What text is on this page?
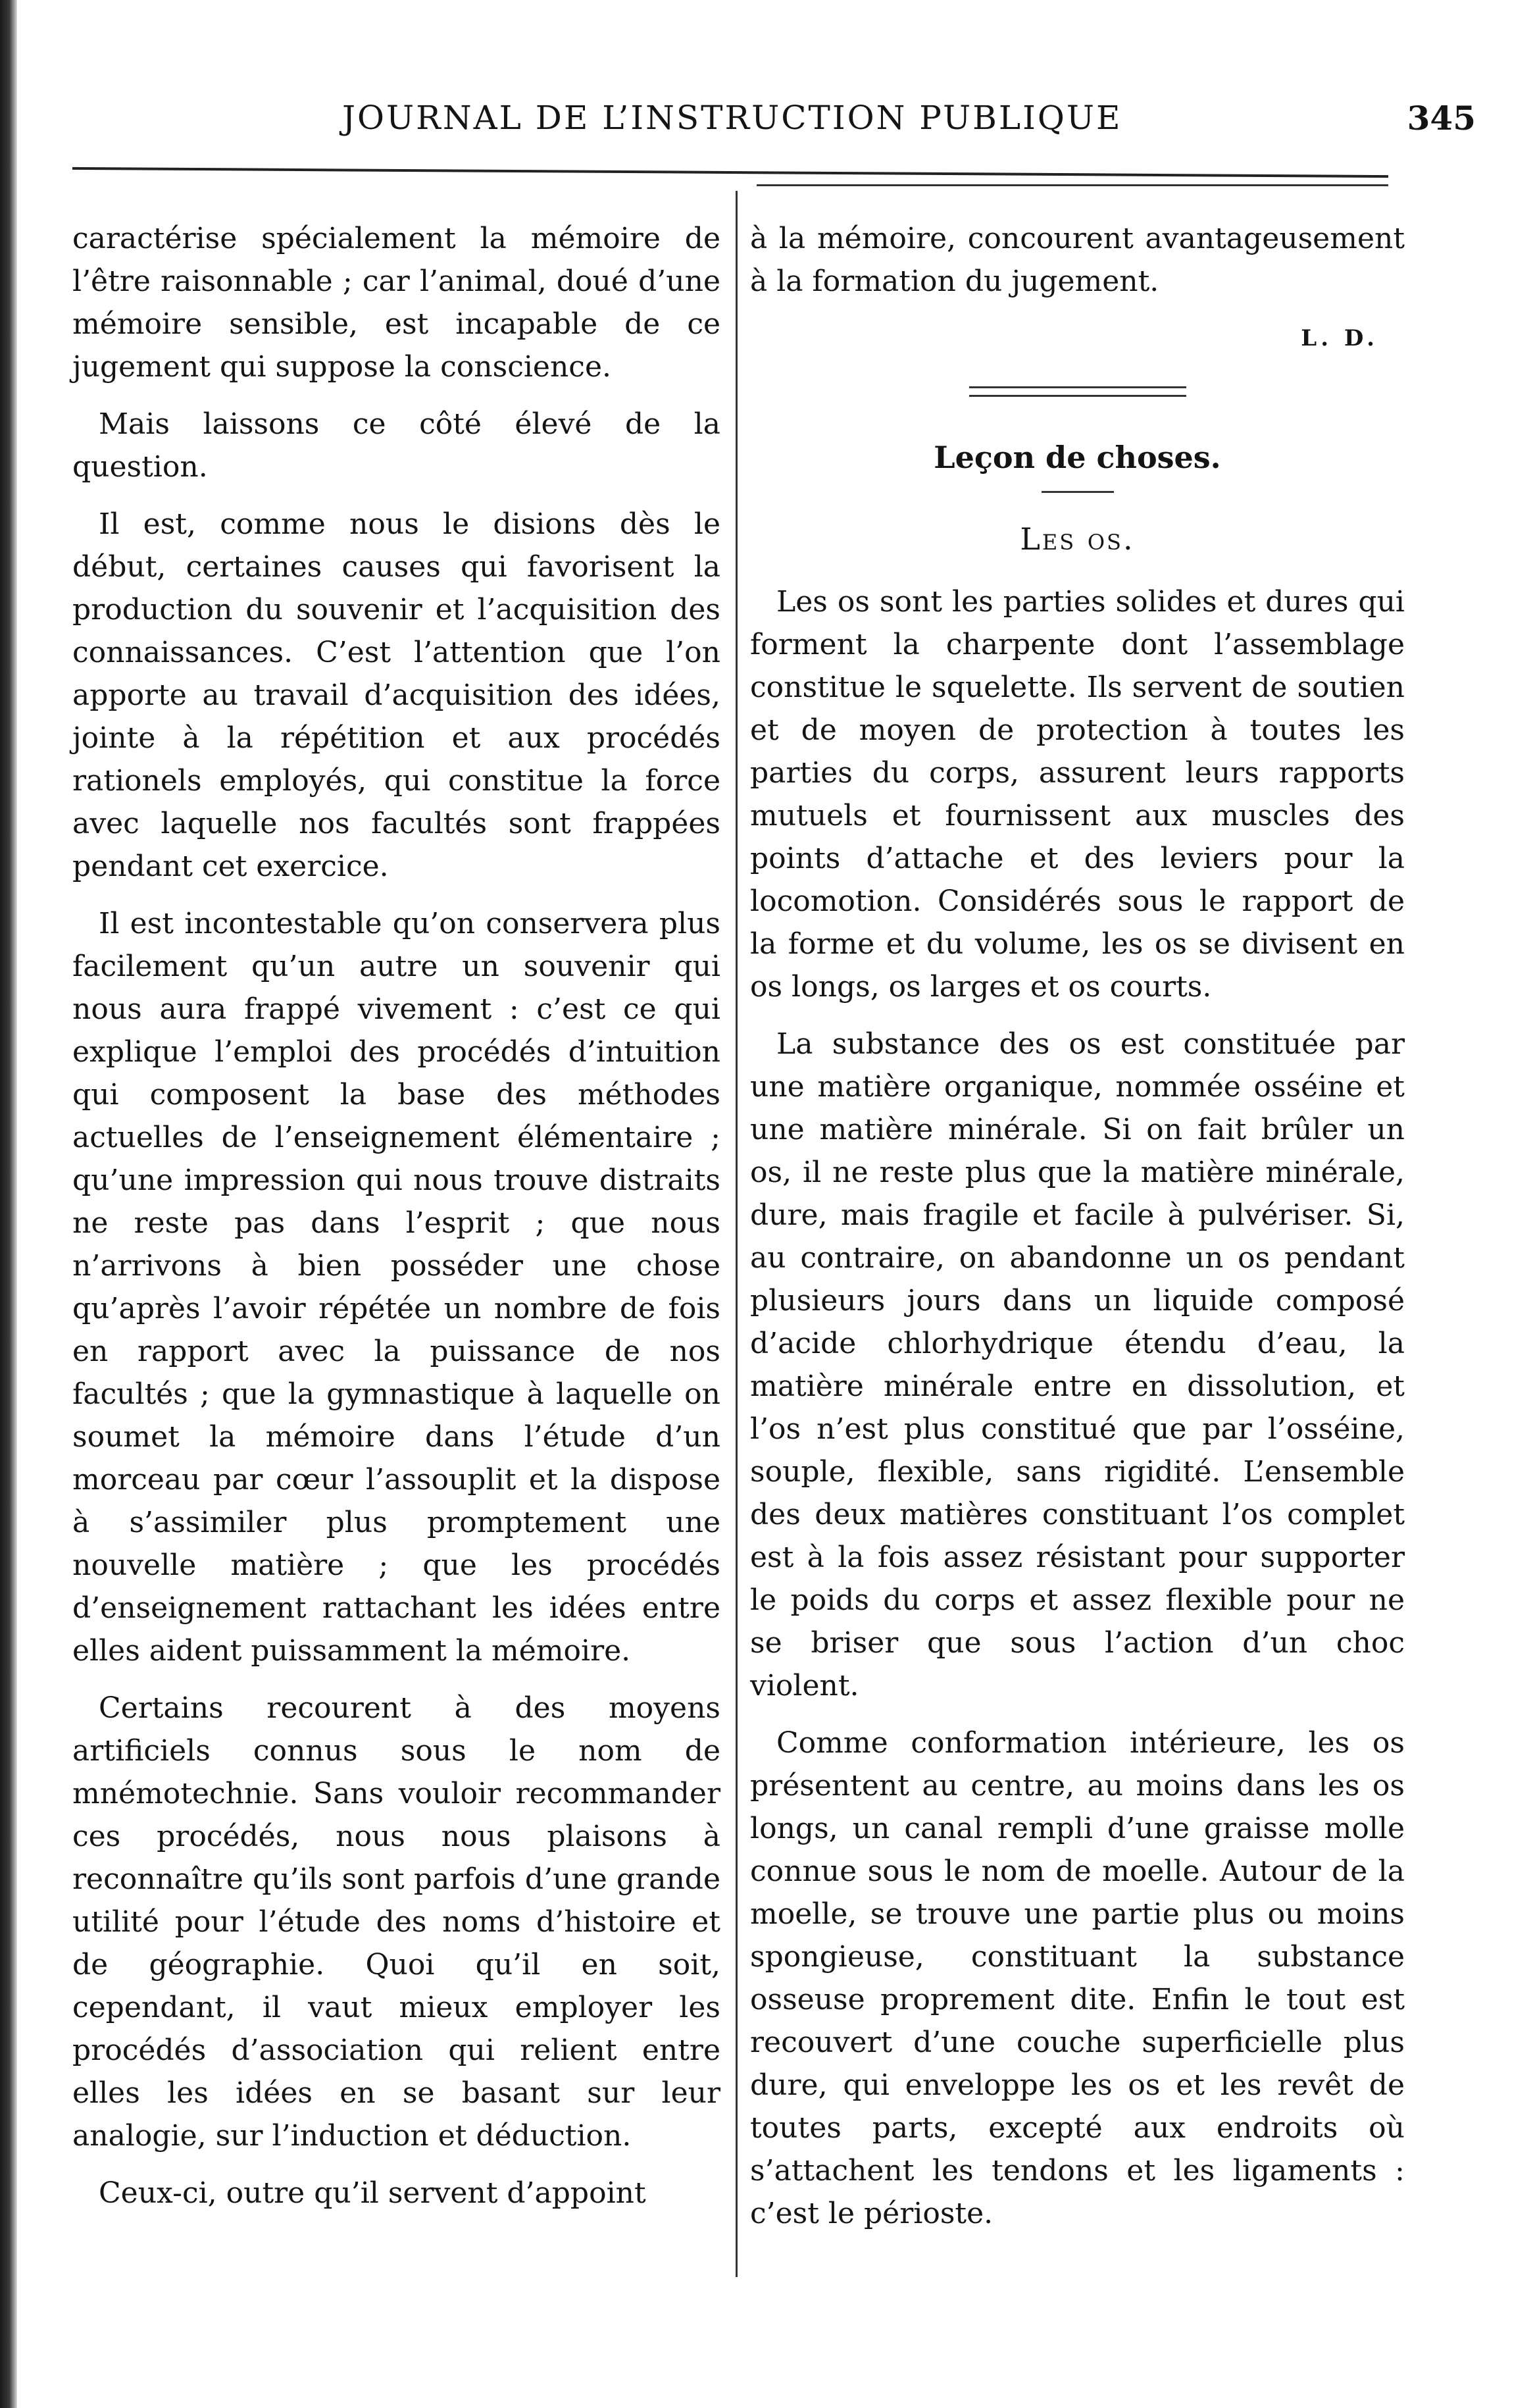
JOURNAL DE L’INSTRUCTION PUBLIQUE	345

caractérise spécialement la mémoire de l’être raisonnable ; car l’animal, doué d’une mémoire sensible, est incapable de ce jugement qui suppose la conscience.

Mais laissons ce côté élevé de la question.

Il est, comme nous le disions dès le début, certaines causes qui favorisent la production du souvenir et l’acquisition des connaissances. C’est l’attention que l’on apporte au travail d’acquisition des idées, jointe à la répétition et aux procédés rationels employés, qui constitue la force avec laquelle nos facultés sont frappées pendant cet exercice.

Il est incontestable qu’on conservera plus facilement qu’un autre un souvenir qui nous aura frappé vivement : c’est ce qui explique l’emploi des procédés d’intuition qui composent la base des méthodes actuelles de l’enseignement élémentaire ; qu’une impression qui nous trouve distraits ne reste pas dans l’esprit ; que nous n’arrivons à bien posséder une chose qu’après l’avoir répétée un nombre de fois en rapport avec la puissance de nos facultés ; que la gymnastique à laquelle on soumet la mémoire dans l’étude d’un morceau par cœur l’assouplit et la dispose à s’assimiler plus promptement une nouvelle matière ; que les procédés d’enseignement rattachant les idées entre elles aident puissamment la mémoire.

Certains recourent à des moyens artificiels connus sous le nom de mnémotechnie. Sans vouloir recommander ces procédés, nous nous plaisons à reconnaître qu’ils sont parfois d’une grande utilité pour l’étude des noms d’histoire et de géographie. Quoi qu’il en soit, cependant, il vaut mieux employer les procédés d’association qui relient entre elles les idées en se basant sur leur analogie, sur l’induction et déduction.

Ceux-ci, outre qu’il servent d’appoint

à la mémoire, concourent avantageusement à la formation du jugement.

L. D.
Leçon de choses.
Les os.

Les os sont les parties solides et dures qui forment la charpente dont l’assemblage constitue le squelette. Ils servent de soutien et de moyen de protection à toutes les parties du corps, assurent leurs rapports mutuels et fournissent aux muscles des points d’attache et des leviers pour la locomotion. Considérés sous le rapport de la forme et du volume, les os se divisent en os longs, os larges et os courts.

La substance des os est constituée par une matière organique, nommée osséine et une matière minérale. Si on fait brûler un os, il ne reste plus que la matière minérale, dure, mais fragile et facile à pulvériser. Si, au contraire, on abandonne un os pendant plusieurs jours dans un liquide composé d’acide chlorhydrique étendu d’eau, la matière minérale entre en dissolution, et l’os n’est plus constitué que par l’osséine, souple, flexible, sans rigidité. L’ensemble des deux matières constituant l’os complet est à la fois assez résistant pour supporter le poids du corps et assez flexible pour ne se briser que sous l’action d’un choc violent.

Comme conformation intérieure, les os présentent au centre, au moins dans les os longs, un canal rempli d’une graisse molle connue sous le nom de moelle. Autour de la moelle, se trouve une partie plus ou moins spongieuse, constituant la substance osseuse proprement dite. Enfin le tout est recouvert d’une couche superficielle plus dure, qui enveloppe les os et les revêt de toutes parts, excepté aux endroits où s’attachent les tendons et les ligaments : c’est le périoste.
